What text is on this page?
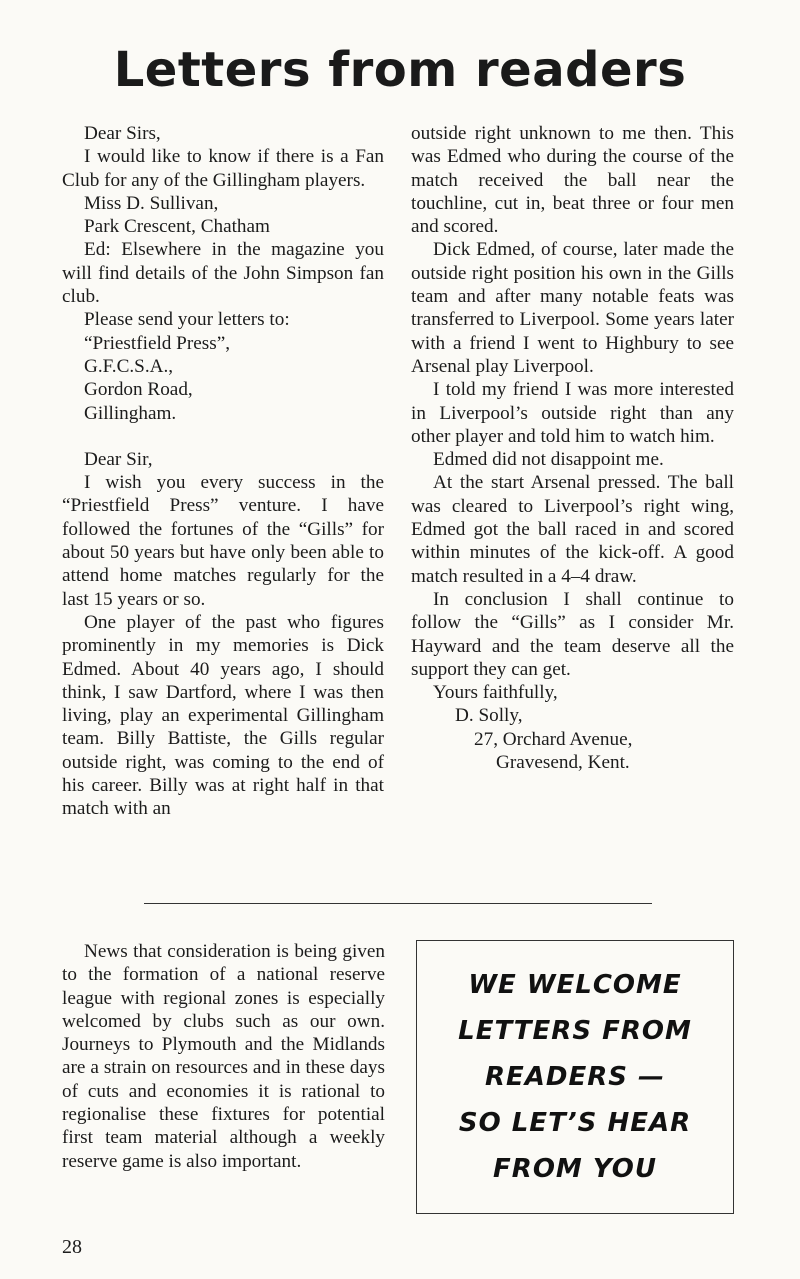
Letters from readers

Dear Sirs,

I would like to know if there is a Fan Club for any of the Gillingham players.

Miss D. Sullivan,

Park Crescent, Chatham

Ed: Elsewhere in the magazine you will find details of the John Simpson fan club.

Please send your letters to:

“Priestfield Press”,

G.F.C.S.A.,

Gordon Road,

Gillingham.

Dear Sir,

I wish you every success in the “Priestfield Press” venture. I have followed the fortunes of the “Gills” for about 50 years but have only been able to attend home matches regularly for the last 15 years or so.

One player of the past who figures prominently in my memories is Dick Edmed. About 40 years ago, I should think, I saw Dartford, where I was then living, play an experimental Gillingham team. Billy Battiste, the Gills regular outside right, was coming to the end of his career. Billy was at right half in that match with an

outside right unknown to me then. This was Edmed who during the course of the match received the ball near the touchline, cut in, beat three or four men and scored.

Dick Edmed, of course, later made the outside right position his own in the Gills team and after many notable feats was transferred to Liverpool. Some years later with a friend I went to Highbury to see Arsenal play Liverpool.

I told my friend I was more interested in Liverpool’s outside right than any other player and told him to watch him.

Edmed did not disappoint me.

At the start Arsenal pressed. The ball was cleared to Liverpool’s right wing, Edmed got the ball raced in and scored within minutes of the kick-off. A good match resulted in a 4–4 draw.

In conclusion I shall continue to follow the “Gills” as I consider Mr. Hayward and the team deserve all the support they can get.

Yours faithfully,

D. Solly,

27, Orchard Avenue,

Gravesend, Kent.

News that consideration is being given to the formation of a national reserve league with regional zones is especially welcomed by clubs such as our own. Journeys to Plymouth and the Midlands are a strain on resources and in these days of cuts and economies it is rational to regionalise these fixtures for potential first team material although a weekly reserve game is also important.

WE WELCOME
LETTERS FROM
READERS —
SO LET’S HEAR
FROM YOU
28
